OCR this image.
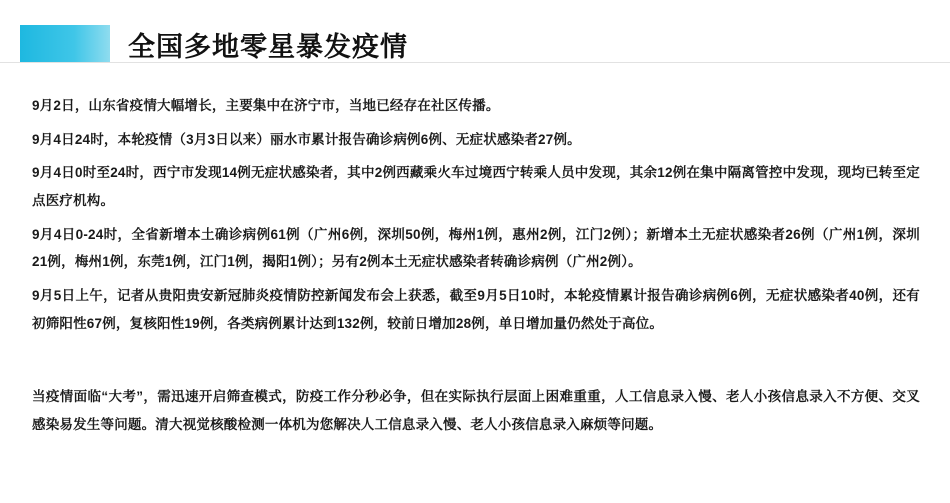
全国多地零星暴发疫情

9月2日，山东省疫情大幅增长，主要集中在济宁市，当地已经存在社区传播。

9月4日24时，本轮疫情（3月3日以来）丽水市累计报告确诊病例6例、无症状感染者27例。

9月4日0时至24时，西宁市发现14例无症状感染者，其中2例西藏乘火车过境西宁转乘人员中发现，其余12例在集中隔离管控中发现，现均已转至定点医疗机构。

9月4日0-24时，全省新增本土确诊病例61例（广州6例，深圳50例，梅州1例，惠州2例，江门2例）；新增本土无症状感染者26例（广州1例，深圳21例，梅州1例，东莞1例，江门1例，揭阳1例）；另有2例本土无症状感染者转确诊病例（广州2例）。

9月5日上午，记者从贵阳贵安新冠肺炎疫情防控新闻发布会上获悉，截至9月5日10时，本轮疫情累计报告确诊病例6例，无症状感染者40例，还有初筛阳性67例，复核阳性19例，各类病例累计达到132例，较前日增加28例，单日增加量仍然处于高位。

当疫情面临“大考”，需迅速开启筛查模式，防疫工作分秒必争，但在实际执行层面上困难重重，人工信息录入慢、老人小孩信息录入不方便、交叉感染易发生等问题。清大视觉核酸检测一体机为您解决人工信息录入慢、老人小孩信息录入麻烦等问题。
